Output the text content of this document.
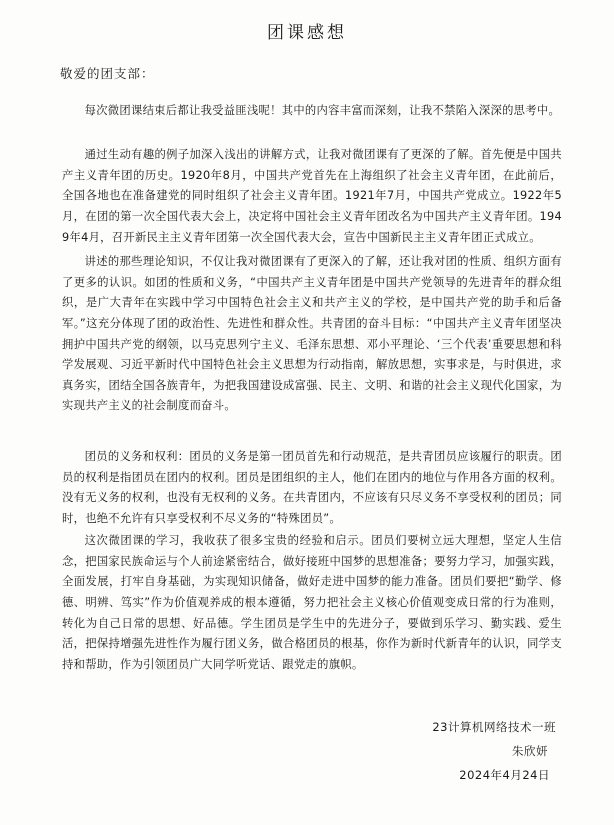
团课感想
敬爱的团支部：

每次微团课结束后都让我受益匪浅呢！其中的内容丰富而深刻，让我不禁陷入深深的思考中。

通过生动有趣的例子加深入浅出的讲解方式，让我对微团课有了更深的了解。首先便是中国共产主义青年团的历史。1920年8月，中国共产党首先在上海组织了社会主义青年团，在此前后，全国各地也在准备建党的同时组织了社会主义青年团。1921年7月，中国共产党成立。1922年5月，在团的第一次全国代表大会上，决定将中国社会主义青年团改名为中国共产主义青年团。1949年4月，召开新民主主义青年团第一次全国代表大会，宣告中国新民主主义青年团正式成立。

讲述的那些理论知识，不仅让我对微团课有了更深入的了解，还让我对团的性质、组织方面有了更多的认识。如团的性质和义务，“中国共产主义青年团是中国共产党领导的先进青年的群众组织，是广大青年在实践中学习中国特色社会主义和共产主义的学校，是中国共产党的助手和后备军。”这充分体现了团的政治性、先进性和群众性。共青团的奋斗目标：“中国共产主义青年团坚决拥护中国共产党的纲领，以马克思列宁主义、毛泽东思想、邓小平理论、‘三个代表’重要思想和科学发展观、习近平新时代中国特色社会主义思想为行动指南，解放思想，实事求是，与时俱进，求真务实，团结全国各族青年，为把我国建设成富强、民主、文明、和谐的社会主义现代化国家，为实现共产主义的社会制度而奋斗。

团员的义务和权利：团员的义务是第一团员首先和行动规范，是共青团员应该履行的职责。团员的权利是指团员在团内的权利。团员是团组织的主人，他们在团内的地位与作用各方面的权利。没有无义务的权利，也没有无权利的义务。在共青团内，不应该有只尽义务不享受权利的团员；同时，也绝不允许有只享受权利不尽义务的“特殊团员”。

这次微团课的学习，我收获了很多宝贵的经验和启示。团员们要树立远大理想，坚定人生信念，把国家民族命运与个人前途紧密结合，做好接班中国梦的思想准备；要努力学习，加强实践，全面发展，打牢自身基础，为实现知识储备，做好走进中国梦的能力准备。团员们要把“勤学、修德、明辨、笃实”作为价值观养成的根本遵循，努力把社会主义核心价值观变成日常的行为准则，转化为自己日常的思想、好品德。学生团员是学生中的先进分子，要做到乐学习、勤实践、爱生活，把保持增强先进性作为履行团义务，做合格团员的根基，你作为新时代新青年的认识，同学支持和帮助，作为引领团员广大同学听党话、跟党走的旗帜。

23计算机网络技术一班
朱欣妍
2024年4月24日
